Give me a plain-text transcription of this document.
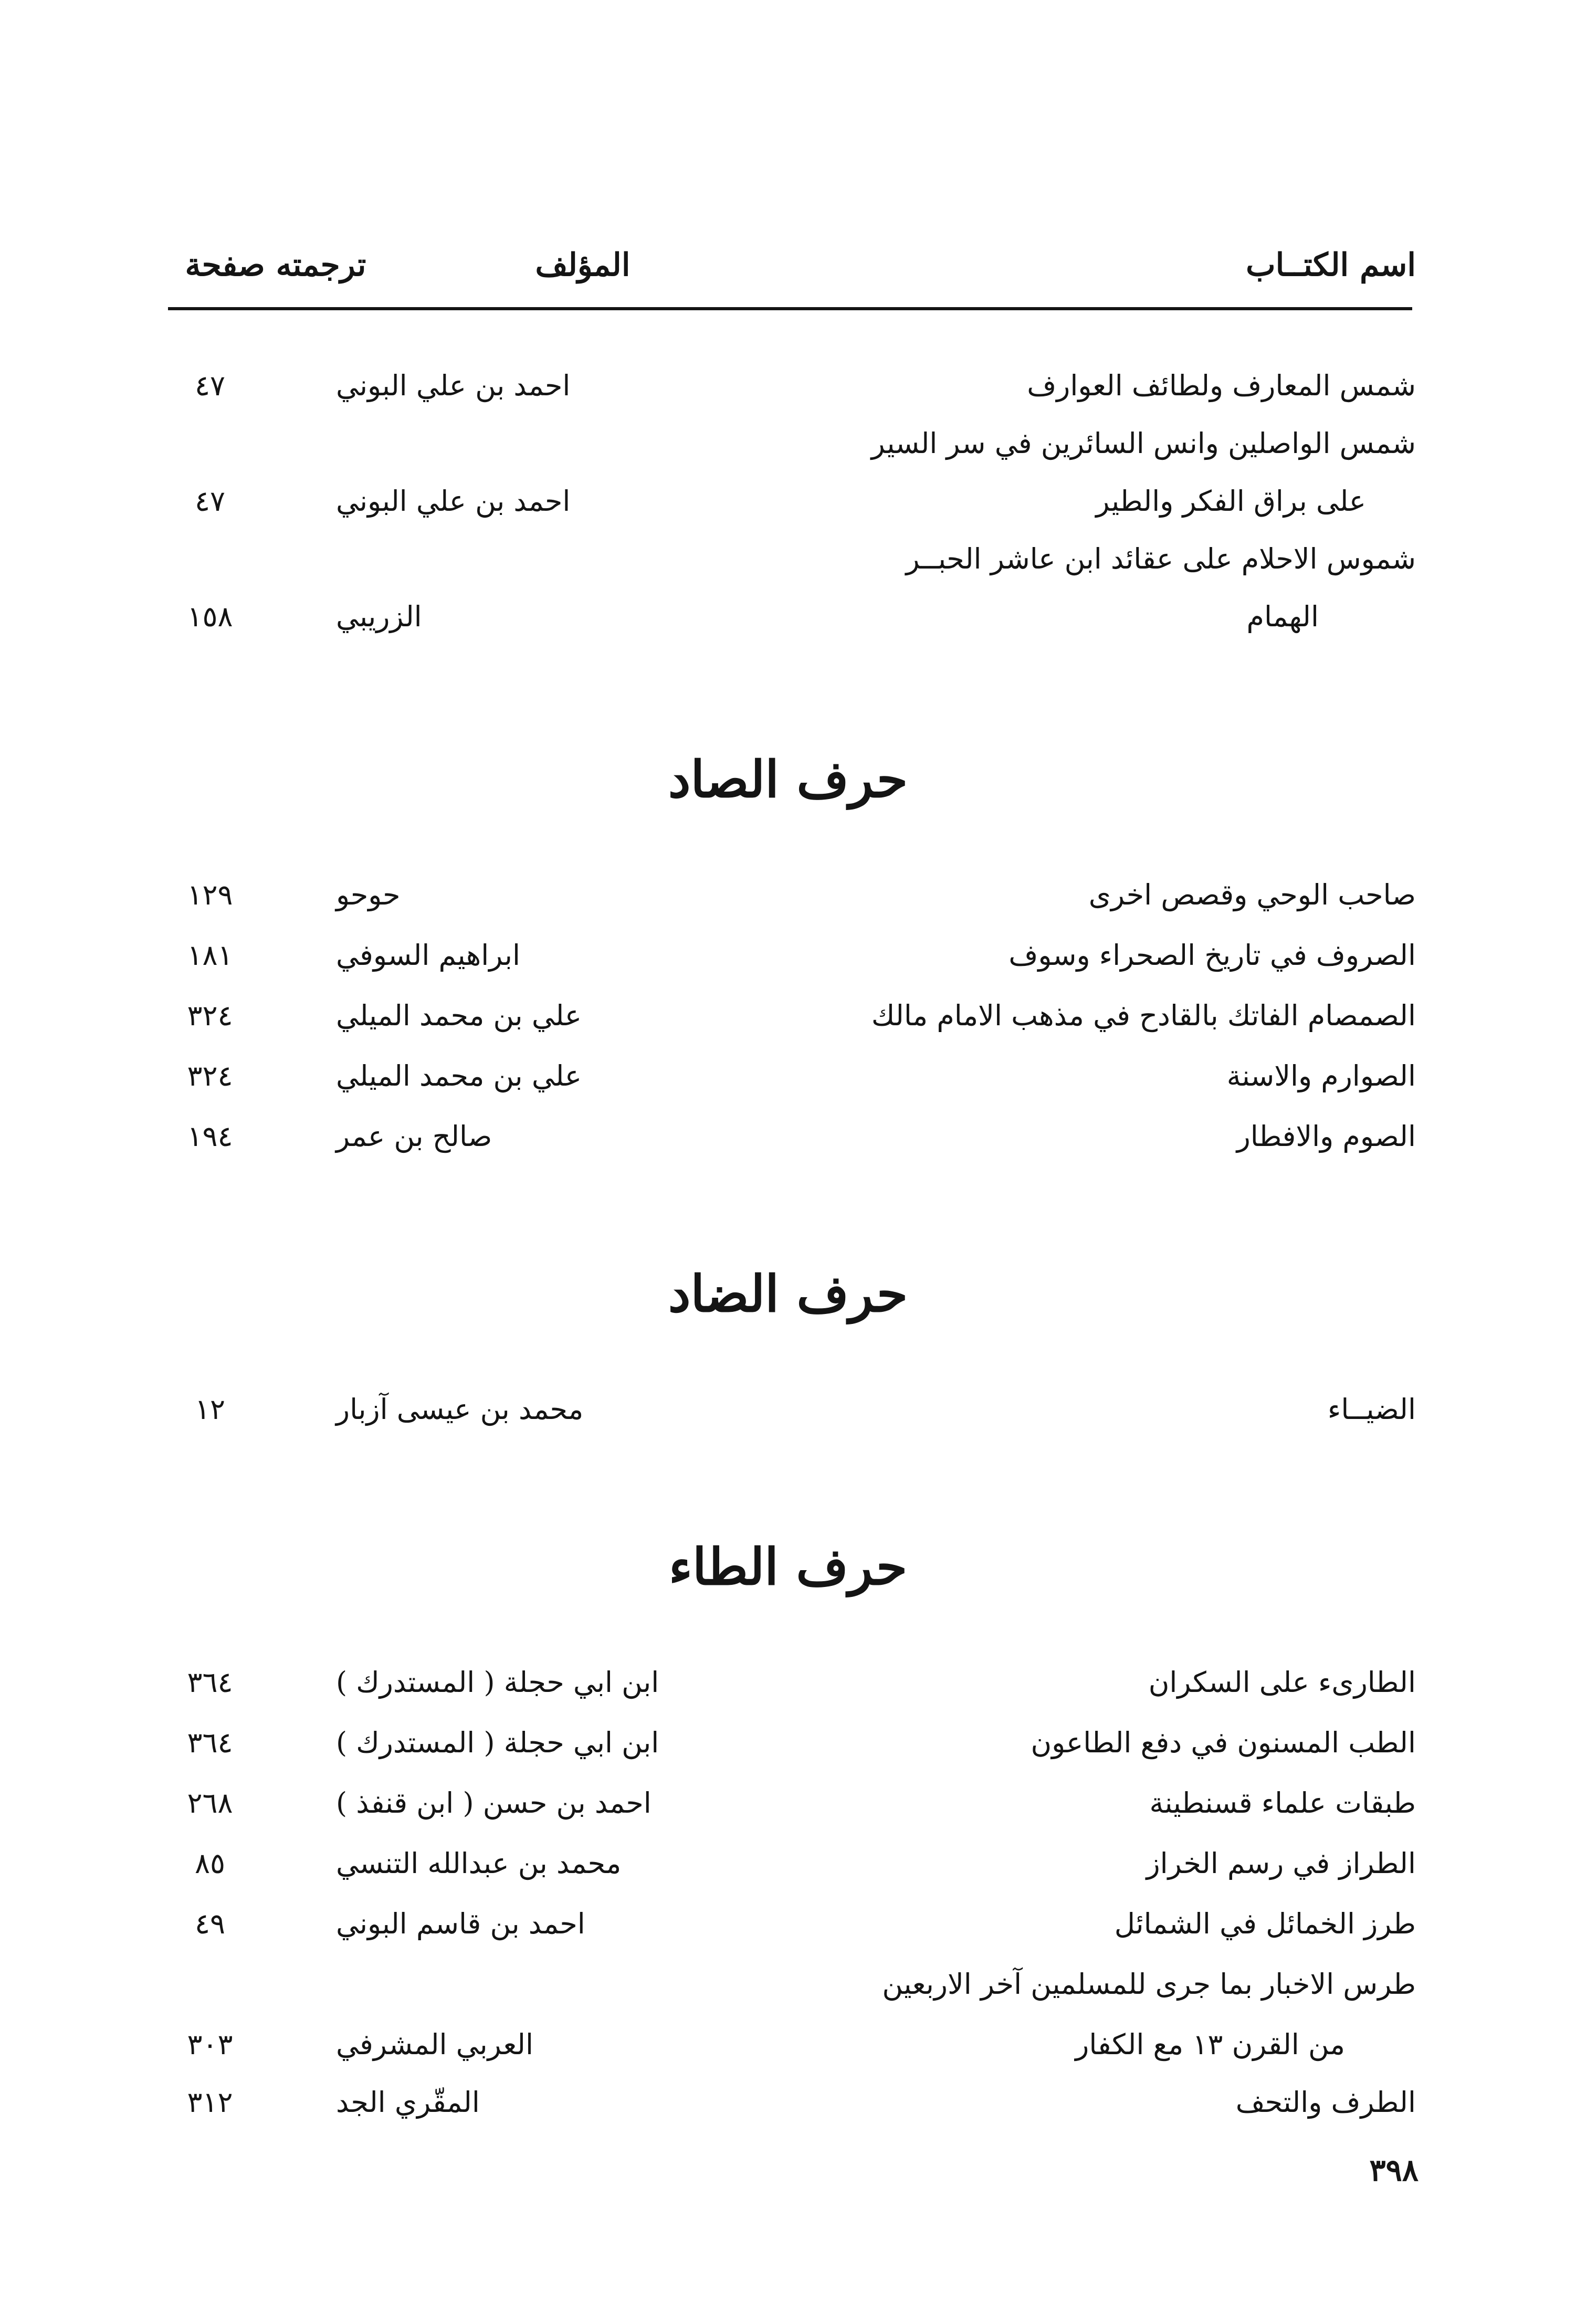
اسم الكتــاب
المؤلف
ترجمته صفحة
شمس المعارف ولطائف العوارف
احمد بن علي البوني
٤٧
شمس الواصلين وانس السائرين في سر السير
على براق الفكر والطير
احمد بن علي البوني
٤٧
شموس الاحلام على عقائد ابن عاشر الحبــر
الهمام
الزريبي
١٥٨
حرف الصاد
صاحب الوحي وقصص اخرى
حوحو
١٢٩
الصروف في تاريخ الصحراء وسوف
ابراهيم السوفي
١٨١
الصمصام الفاتك بالقادح في مذهب الامام مالك
علي بن محمد الميلي
٣٢٤
الصوارم والاسنة
علي بن محمد الميلي
٣٢٤
الصوم والافطار
صالح بن عمر
١٩٤
حرف الضاد
الضيــاء
محمد بن عيسى آزبار
١٢
حرف الطاء
الطارىء على السكران
ابن ابي حجلة ( المستدرك )
٣٦٤
الطب المسنون في دفع الطاعون
ابن ابي حجلة ( المستدرك )
٣٦٤
طبقات علماء قسنطينة
احمد بن حسن ( ابن قنفذ )
٢٦٨
الطراز في رسم الخراز
محمد بن عبدالله التنسي
٨٥
طرز الخمائل في الشمائل
احمد بن قاسم البوني
٤٩
طرس الاخبار بما جرى للمسلمين آخر الاربعين
من القرن ١٣ مع الكفار
العربي المشرفي
٣٠٣
الطرف والتحف
المقّري الجد
٣١٢
٣٩٨
